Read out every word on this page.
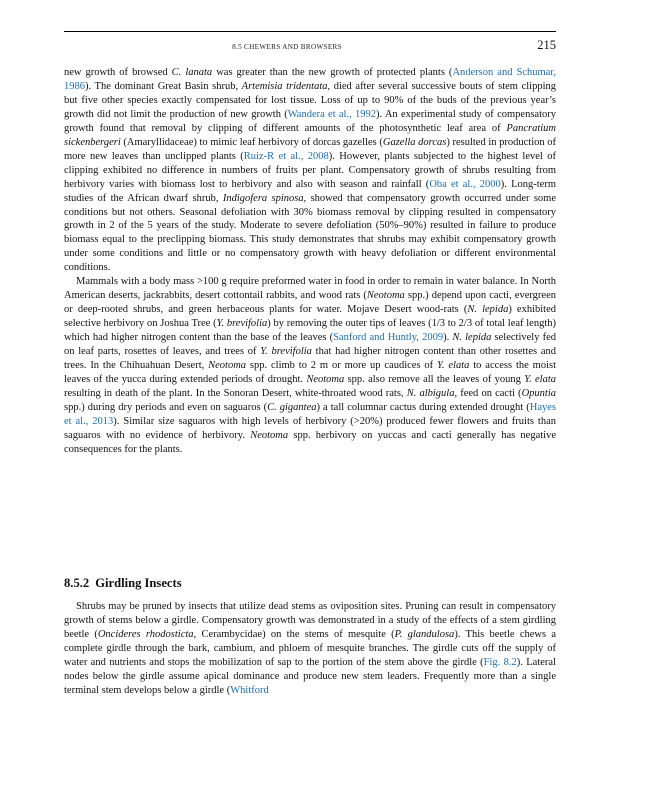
8.5 CHEWERS AND BROWSERS	215

new growth of browsed C. lanata was greater than the new growth of protected plants (Anderson and Schumar, 1986). The dominant Great Basin shrub, Artemisia tridentata, died after several successive bouts of stem clipping but five other species exactly compensated for lost tissue. Loss of up to 90% of the buds of the previous year’s growth did not limit the production of new growth (Wandera et al., 1992). An experimental study of compensatory growth found that removal by clipping of different amounts of the photosynthetic leaf area of Pancratium sickenbergeri (Amaryllidaceae) to mimic leaf herbivory of dorcas gazelles (Gazella dorcas) resulted in production of more new leaves than unclipped plants (Ruiz-R et al., 2008). However, plants subjected to the highest level of clipping exhibited no difference in numbers of fruits per plant. Compensatory growth of shrubs resulting from herbivory varies with biomass lost to herbivory and also with season and rainfall (Oba et al., 2000). Long-term studies of the African dwarf shrub, Indigofera spinosa, showed that compensatory growth occurred under some conditions but not others. Seasonal defoliation with 30% biomass removal by clipping resulted in compensatory growth in 2 of the 5 years of the study. Moderate to severe defoliation (50%–90%) resulted in failure to produce biomass equal to the preclipping biomass. This study demonstrates that shrubs may exhibit compensatory growth under some conditions and little or no compensatory growth with heavy defoliation or different environmental conditions.

Mammals with a body mass >100 g require preformed water in food in order to remain in water balance. In North American deserts, jackrabbits, desert cottontail rabbits, and wood rats (Neotoma spp.) depend upon cacti, evergreen or deep-rooted shrubs, and green herbaceous plants for water. Mojave Desert wood-rats (N. lepida) exhibited selective herbivory on Joshua Tree (Y. brevifolia) by removing the outer tips of leaves (1/3 to 2/3 of total leaf length) which had higher nitrogen content than the base of the leaves (Sanford and Huntly, 2009). N. lepida selectively fed on leaf parts, rosettes of leaves, and trees of Y. brevifolia that had higher nitrogen content than other rosettes and trees. In the Chihuahuan Desert, Neotoma spp. climb to 2 m or more up caudices of Y. elata to access the moist leaves of the yucca during extended periods of drought. Neotoma spp. also remove all the leaves of young Y. elata resulting in death of the plant. In the Sonoran Desert, white-throated wood rats, N. albigula, feed on cacti (Opuntia spp.) during dry periods and even on saguaros (C. gigantea) a tall columnar cactus during extended drought (Hayes et al., 2013). Similar size saguaros with high levels of herbivory (>20%) produced fewer flowers and fruits than saguaros with no evidence of herbivory. Neotoma spp. herbivory on yuccas and cacti generally has negative consequences for the plants.

8.5.2 Girdling Insects

Shrubs may be pruned by insects that utilize dead stems as oviposition sites. Pruning can result in compensatory growth of stems below a girdle. Compensatory growth was demonstrated in a study of the effects of a stem girdling beetle (Oncideres rhodosticta, Cerambycidae) on the stems of mesquite (P. glandulosa). This beetle chews a complete girdle through the bark, cambium, and phloem of mesquite branches. The girdle cuts off the supply of water and nutrients and stops the mobilization of sap to the portion of the stem above the girdle (Fig. 8.2). Lateral nodes below the girdle assume apical dominance and produce new stem leaders. Frequently more than a single terminal stem develops below a girdle (Whitford
